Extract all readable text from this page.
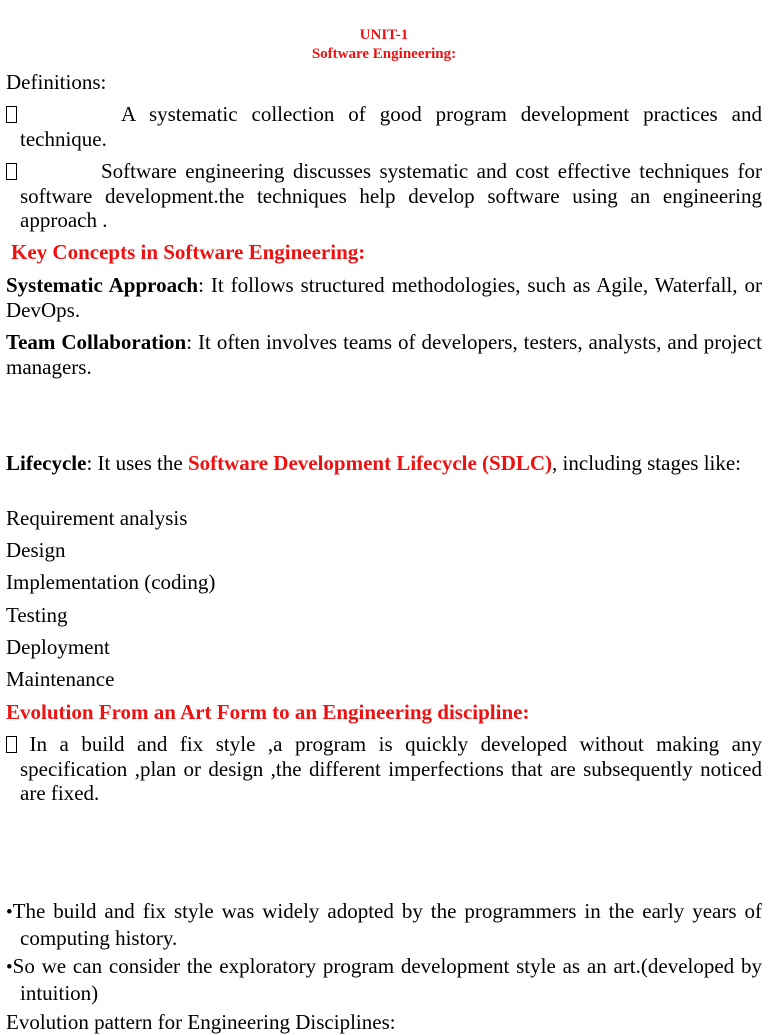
UNIT-1

Software Engineering:

Definitions:

A systematic collection of good program development practices and technique.

Software engineering discusses systematic and cost effective techniques for software development.the techniques help develop software using an engineering approach .

Key Concepts in Software Engineering:

Systematic Approach: It follows structured methodologies, such as Agile, Waterfall, or DevOps.

Team Collaboration: It often involves teams of developers, testers, analysts, and project managers.

Lifecycle: It uses the Software Development Lifecycle (SDLC), including stages like:

Requirement analysis

Design

Implementation (coding)

Testing

Deployment

Maintenance

Evolution From an Art Form to an Engineering discipline:

In a build and fix style ,a program is quickly developed without making any specification ,plan or design ,the different imperfections that are subsequently noticed are fixed.

•The build and fix style was widely adopted by the programmers in the early years of computing history.

•So we can consider the exploratory program development style as an art.(developed by intuition)

Evolution pattern for Engineering Disciplines:
